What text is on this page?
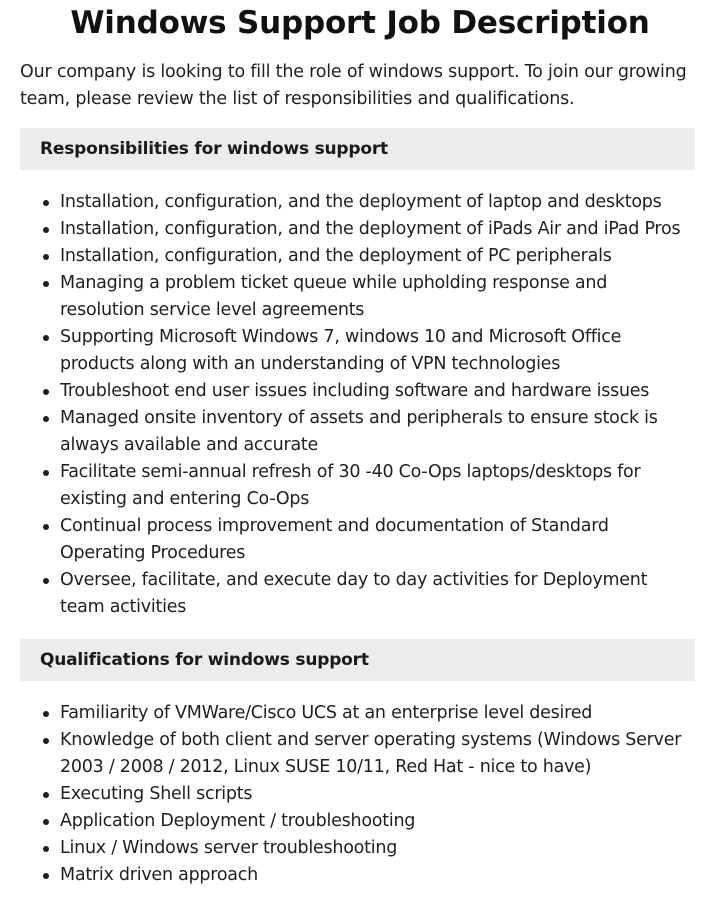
Windows Support Job Description

Our company is looking to fill the role of windows support. To join our growing team, please review the list of responsibilities and qualifications.

Responsibilities for windows support
Installation, configuration, and the deployment of laptop and desktops
Installation, configuration, and the deployment of iPads Air and iPad Pros
Installation, configuration, and the deployment of PC peripherals
Managing a problem ticket queue while upholding response and resolution service level agreements
Supporting Microsoft Windows 7, windows 10 and Microsoft Office products along with an understanding of VPN technologies
Troubleshoot end user issues including software and hardware issues
Managed onsite inventory of assets and peripherals to ensure stock is always available and accurate
Facilitate semi-annual refresh of 30 -40 Co-Ops laptops/desktops for existing and entering Co-Ops
Continual process improvement and documentation of Standard Operating Procedures
Oversee, facilitate, and execute day to day activities for Deployment team activities
Qualifications for windows support
Familiarity of VMWare/Cisco UCS at an enterprise level desired
Knowledge of both client and server operating systems (Windows Server 2003 / 2008 / 2012, Linux SUSE 10/11, Red Hat - nice to have)
Executing Shell scripts
Application Deployment / troubleshooting
Linux / Windows server troubleshooting
Matrix driven approach
